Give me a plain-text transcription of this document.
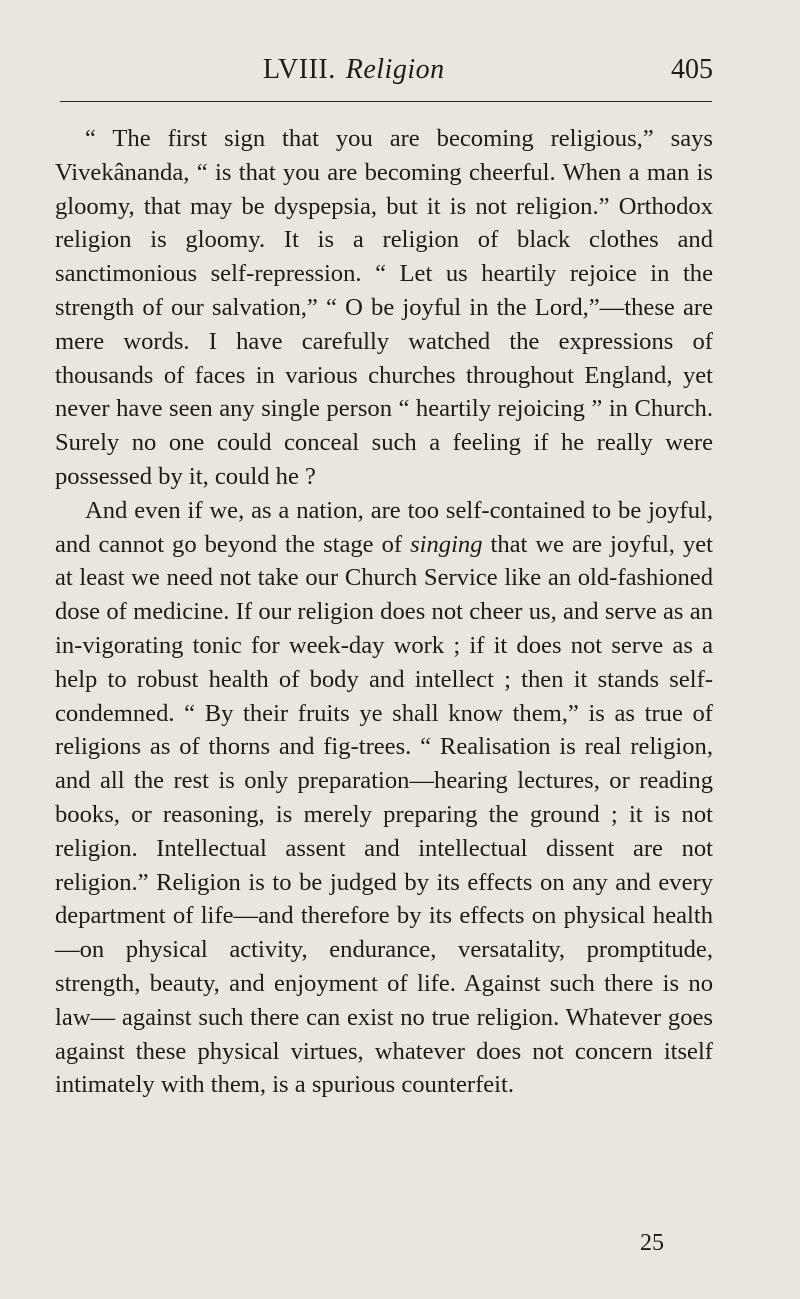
LVIII. Religion	405

“ The first sign that you are becoming religious,” says Vivekânanda, “ is that you are becoming cheerful. When a man is gloomy, that may be dyspepsia, but it is not religion.” Orthodox religion is gloomy. It is a religion of black clothes and sanctimonious self-repression. “ Let us heartily rejoice in the strength of our salvation,” “ O be joyful in the Lord,”—these are mere words. I have carefully watched the expressions of thousands of faces in various churches throughout England, yet never have seen any single person “ heartily rejoicing ” in Church. Surely no one could conceal such a feeling if he really were possessed by it, could he ?

And even if we, as a nation, are too self-contained to be joyful, and cannot go beyond the stage of singing that we are joyful, yet at least we need not take our Church Service like an old-fashioned dose of medicine. If our religion does not cheer us, and serve as an in-vigorating tonic for week-day work ; if it does not serve as a help to robust health of body and intellect ; then it stands self-condemned. “ By their fruits ye shall know them,” is as true of religions as of thorns and fig-trees. “ Realisation is real religion, and all the rest is only preparation—hearing lectures, or reading books, or reasoning, is merely preparing the ground ; it is not religion. Intellectual assent and intellectual dissent are not religion.” Religion is to be judged by its effects on any and every department of life—and therefore by its effects on physical health—on physical activity, endurance, versatality, promptitude, strength, beauty, and enjoyment of life. Against such there is no law— against such there can exist no true religion. Whatever goes against these physical virtues, whatever does not concern itself intimately with them, is a spurious counterfeit.

25
